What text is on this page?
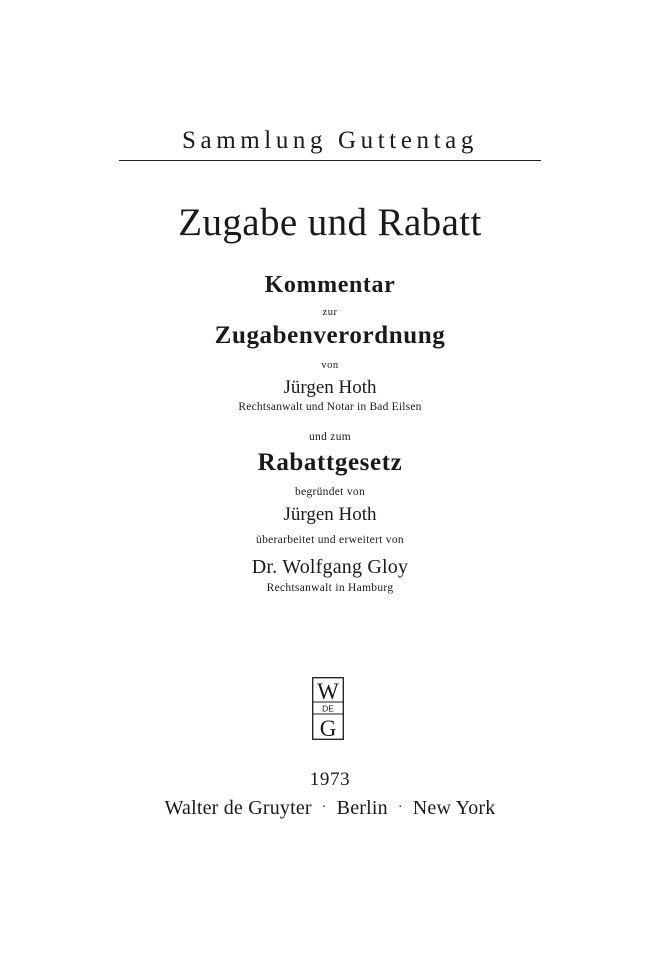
Sammlung Guttentag
Zugabe und Rabatt
Kommentar
zur
Zugabenverordnung
von
Jürgen Hoth
Rechtsanwalt und Notar in Bad Eilsen
und zum
Rabattgesetz
begründet von
Jürgen Hoth
überarbeitet und erweitert von
Dr. Wolfgang Gloy
Rechtsanwalt in Hamburg
W
DE
G
1973
Walter de Gruyter · Berlin · New York
